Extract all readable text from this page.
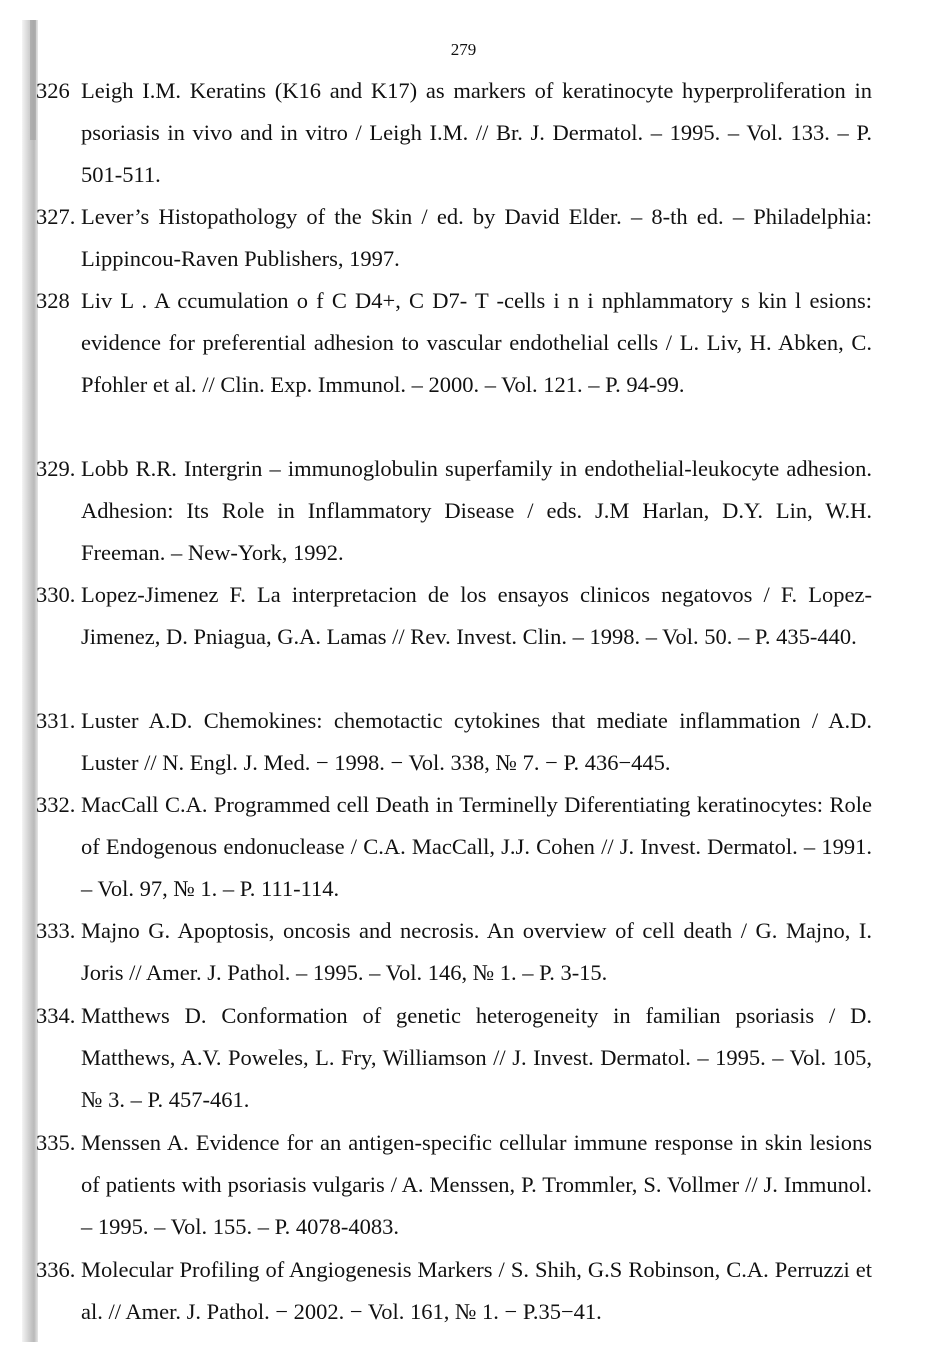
279
326 Leigh I.M. Keratins (K16 and K17) as markers of keratinocyte hyperproliferation in psoriasis in vivo and in vitro / Leigh I.M. // Br. J. Dermatol. – 1995. – Vol. 133. – P. 501-511.
327. Lever’s Histopathology of the Skin / ed. by David Elder. – 8-th ed. – Philadelphia: Lippincou-Raven Publishers, 1997.
328 Liv L . A ccumulation o f C D4+, C D7- T -cells i n i nphlammatory s kin l esions: evidence for preferential adhesion to vascular endothelial cells / L. Liv, H. Abken, C. Pfohler et al. // Clin. Exp. Immunol. – 2000. – Vol. 121. – P. 94-99.
329. Lobb R.R. Intergrin – immunoglobulin superfamily in endothelial-leukocyte adhesion. Adhesion: Its Role in Inflammatory Disease / eds. J.M Harlan, D.Y. Lin, W.H. Freeman. – New-York, 1992.
330. Lopez-Jimenez F. La interpretacion de los ensayos clinicos negatovos / F. Lopez-Jimenez, D. Pniagua, G.A. Lamas // Rev. Invest. Clin. – 1998. – Vol. 50. – P. 435-440.
331. Luster A.D. Chemokines: chemotactic cytokines that mediate inflammation / A.D. Luster // N. Engl. J. Med. − 1998. − Vol. 338, № 7. − P. 436−445.
332. MacCall C.A. Programmed cell Death in Terminelly Diferentiating keratinocytes: Role of Endogenous endonuclease / C.A. MacCall, J.J. Cohen // J. Invest. Dermatol. – 1991. – Vol. 97, № 1. – P. 111-114.
333. Majno G. Apoptosis, oncosis and necrosis. An overview of cell death / G. Majno, I. Joris // Amer. J. Pathol. – 1995. – Vol. 146, № 1. – P. 3-15.
334. Matthews D. Conformation of genetic heterogeneity in familian psoriasis / D. Matthews, A.V. Poweles, L. Fry, Williamson // J. Invest. Dermatol. – 1995. – Vol. 105, № 3. – P. 457-461.
335. Menssen A. Evidence for an antigen-specific cellular immune response in skin lesions of patients with psoriasis vulgaris / A. Menssen, P. Trommler, S. Vollmer // J. Immunol. – 1995. – Vol. 155. – P. 4078-4083.
336. Molecular Profiling of Angiogenesis Markers / S. Shih, G.S Robinson, C.A. Perruzzi et al. // Amer. J. Pathol. − 2002. − Vol. 161, № 1. − P.35−41.
